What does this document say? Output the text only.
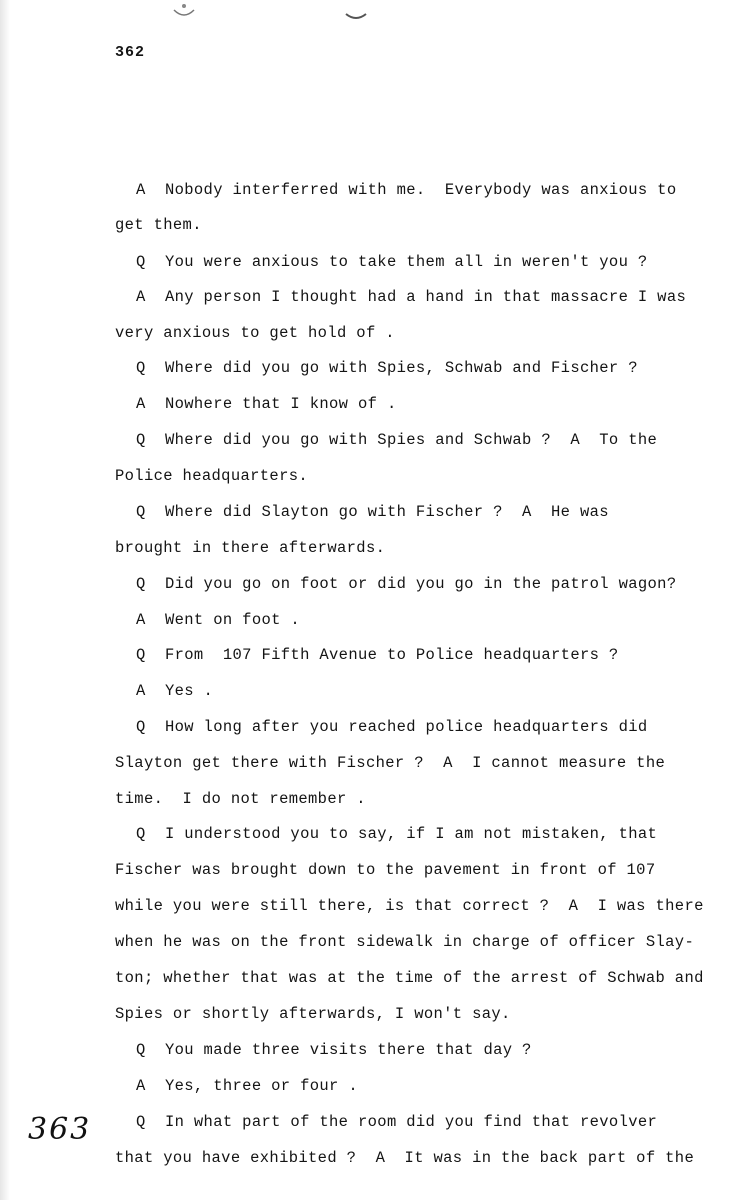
362
A  Nobody interferred with me.  Everybody was anxious to
get them.
Q  You were anxious to take them all in weren't you ?
A  Any person I thought had a hand in that massacre I was
very anxious to get hold of .
Q  Where did you go with Spies, Schwab and Fischer ?
A  Nowhere that I know of .
Q  Where did you go with Spies and Schwab ?  A  To the
Police headquarters.
Q  Where did Slayton go with Fischer ?  A  He was
brought in there afterwards.
Q  Did you go on foot or did you go in the patrol wagon?
A  Went on foot .
Q  From  107 Fifth Avenue to Police headquarters ?
A  Yes .
Q  How long after you reached police headquarters did
Slayton get there with Fischer ?  A  I cannot measure the
time.  I do not remember .
Q  I understood you to say, if I am not mistaken, that
Fischer was brought down to the pavement in front of 107
while you were still there, is that correct ?  A  I was there
when he was on the front sidewalk in charge of officer Slay-
ton; whether that was at the time of the arrest of Schwab and
Spies or shortly afterwards, I won't say.
Q  You made three visits there that day ?
A  Yes, three or four .
Q  In what part of the room did you find that revolver
that you have exhibited ?  A  It was in the back part of the
363
